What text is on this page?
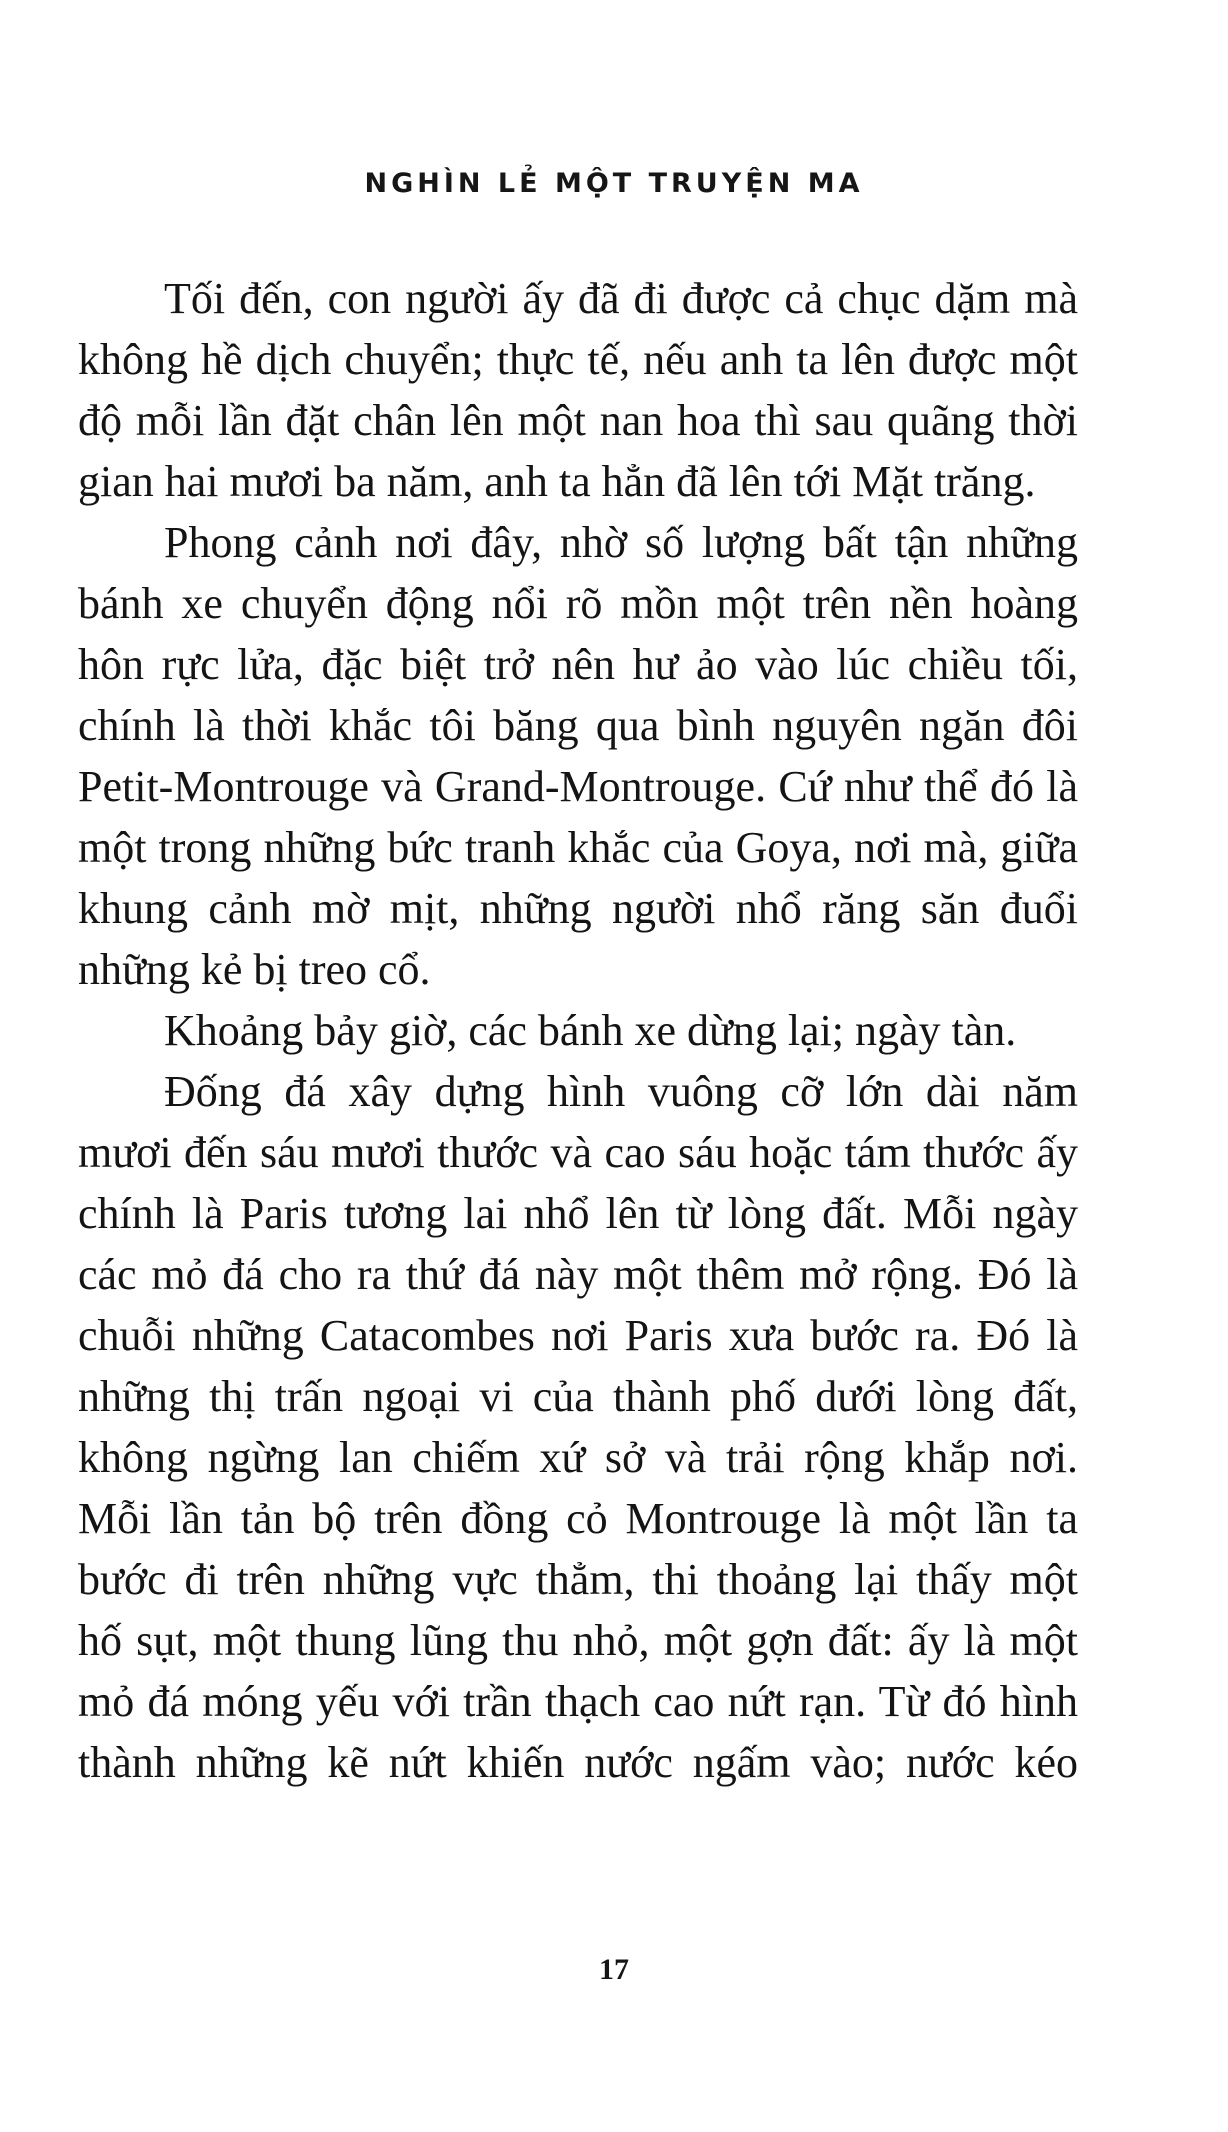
NGHÌN LẺ MỘT TRUYỆN MA
Tối đến, con người ấy đã đi được cả chục dặm mà
không hề dịch chuyển; thực tế, nếu anh ta lên được một
độ mỗi lần đặt chân lên một nan hoa thì sau quãng thời
gian hai mươi ba năm, anh ta hẳn đã lên tới Mặt trăng.
Phong cảnh nơi đây, nhờ số lượng bất tận những
bánh xe chuyển động nổi rõ mồn một trên nền hoàng
hôn rực lửa, đặc biệt trở nên hư ảo vào lúc chiều tối,
chính là thời khắc tôi băng qua bình nguyên ngăn đôi
Petit-Montrouge và Grand-Montrouge. Cứ như thể đó là
một trong những bức tranh khắc của Goya, nơi mà, giữa
khung cảnh mờ mịt, những người nhổ răng săn đuổi
những kẻ bị treo cổ.
Khoảng bảy giờ, các bánh xe dừng lại; ngày tàn.
Đống đá xây dựng hình vuông cỡ lớn dài năm
mươi đến sáu mươi thước và cao sáu hoặc tám thước ấy
chính là Paris tương lai nhổ lên từ lòng đất. Mỗi ngày
các mỏ đá cho ra thứ đá này một thêm mở rộng. Đó là
chuỗi những Catacombes nơi Paris xưa bước ra. Đó là
những thị trấn ngoại vi của thành phố dưới lòng đất,
không ngừng lan chiếm xứ sở và trải rộng khắp nơi.
Mỗi lần tản bộ trên đồng cỏ Montrouge là một lần ta
bước đi trên những vực thẳm, thi thoảng lại thấy một
hố sụt, một thung lũng thu nhỏ, một gợn đất: ấy là một
mỏ đá móng yếu với trần thạch cao nứt rạn. Từ đó hình
thành những kẽ nứt khiến nước ngấm vào; nước kéo
17
